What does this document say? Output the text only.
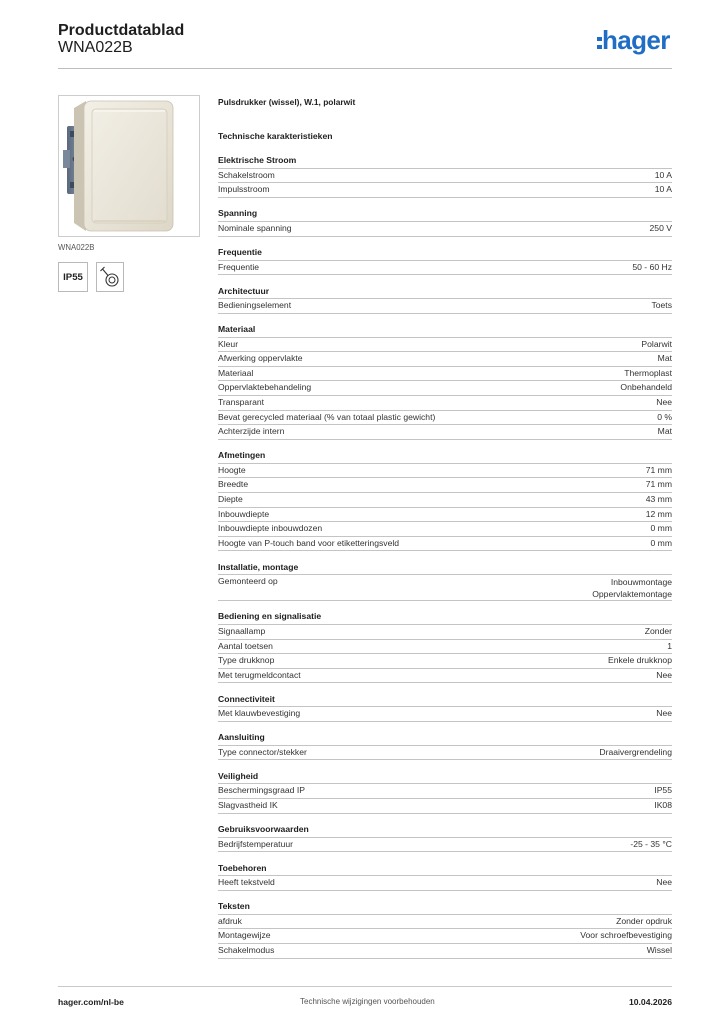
Productdatablad
WNA022B	hager
WNA022B
IP55
Pulsdrukker (wissel), W.1, polarwit
Technische karakteristieken
Elektrische Stroom
Schakelstroom	10 A
Impulsstroom	10 A
Spanning
Nominale spanning	250 V
Frequentie
Frequentie	50 - 60 Hz
Architectuur
Bedieningselement	Toets
Materiaal
Kleur	Polarwit
Afwerking oppervlakte	Mat
Materiaal	Thermoplast
Oppervlaktebehandeling	Onbehandeld
Transparant	Nee
Bevat gerecycled materiaal (% van totaal plastic gewicht)	0 %
Achterzijde intern	Mat
Afmetingen
Hoogte	71 mm
Breedte	71 mm
Diepte	43 mm
Inbouwdiepte	12 mm
Inbouwdiepte inbouwdozen	0 mm
Hoogte van P-touch band voor etiketteringsveld	0 mm
Installatie, montage
Gemonteerd op	Inbouwmontage
Oppervlaktemontage
Bediening en signalisatie
Signaallamp	Zonder
Aantal toetsen	1
Type drukknop	Enkele drukknop
Met terugmeldcontact	Nee
Connectiviteit
Met klauwbevestiging	Nee
Aansluiting
Type connector/stekker	Draaivergrendeling
Veiligheid
Beschermingsgraad IP	IP55
Slagvastheid IK	IK08
Gebruiksvoorwaarden
Bedrijfstemperatuur	-25 - 35 °C
Toebehoren
Heeft tekstveld	Nee
Teksten
afdruk	Zonder opdruk
Montagewijze	Voor schroefbevestiging
Schakelmodus	Wissel
hager.com/nl-be	Technische wijzigingen voorbehouden	10.04.2026
